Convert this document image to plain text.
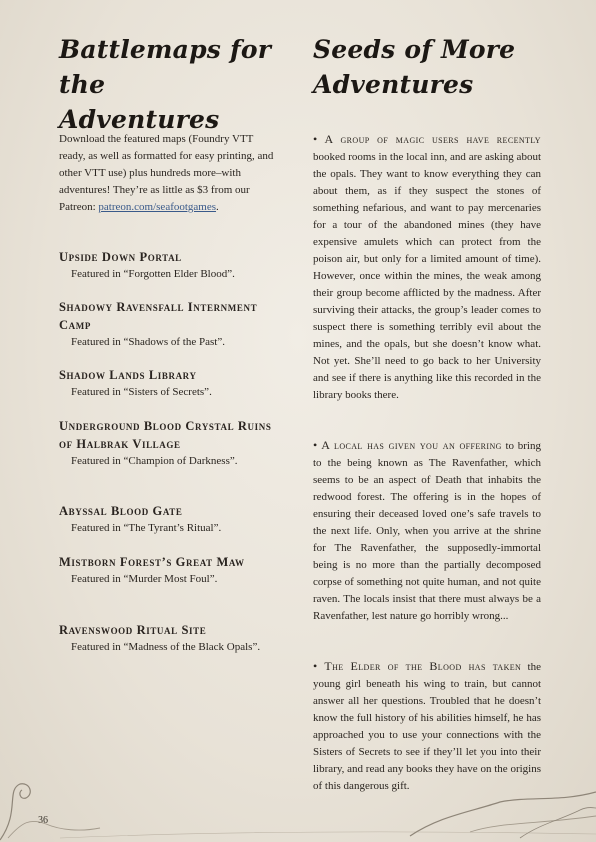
Battlemaps for the
Adventures
Download the featured maps (Foundry VTT ready, as well as formatted for easy printing, and other VTT use) plus hundreds more–with adventures! They’re as little as $3 from our Patreon: patreon.com/seafootgames.
Upside Down Portal

Featured in “Forgotten Elder Blood”.

Shadowy Ravensfall Internment Camp

Featured in “Shadows of the Past”.

Shadow Lands Library

Featured in “Sisters of Secrets”.

Underground Blood Crystal Ruins of Halbrak Village

Featured in “Champion of Darkness”.

Abyssal Blood Gate

Featured in “The Tyrant’s Ritual”.

Mistborn Forest’s Great Maw

Featured in “Murder Most Foul”.

Ravenswood Ritual Site

Featured in “Madness of the Black Opals”.

Seeds of More
Adventures
• A group of magic users have recently booked rooms in the local inn, and are asking about the opals. They want to know everything they can about them, as if they suspect the stones of something nefarious, and want to pay mercenaries for a tour of the abandoned mines (they have expensive amulets which can protect from the poison air, but only for a limited amount of time). However, once within the mines, the weak among their group become afflicted by the madness. After surviving their attacks, the group’s leader comes to suspect there is something terribly evil about the mines, and the opals, but she doesn’t know what. Not yet. She’ll need to go back to her University and see if there is anything like this recorded in the library books there.
• A local has given you an offering to bring to the being known as The Ravenfather, which seems to be an aspect of Death that inhabits the redwood forest. The offering is in the hopes of ensuring their deceased loved one’s safe travels to the next life. Only, when you arrive at the shrine for The Ravenfather, the supposedly-immortal being is no more than the partially decomposed corpse of something not quite human, and not quite raven. The locals insist that there must always be a Ravenfather, lest nature go horribly wrong...
• The Elder of the Blood has taken the young girl beneath his wing to train, but cannot answer all her questions. Troubled that he doesn’t know the full history of his abilities himself, he has approached you to use your connections with the Sisters of Secrets to see if they’ll let you into their library, and read any books they have on the origins of this dangerous gift.
36
